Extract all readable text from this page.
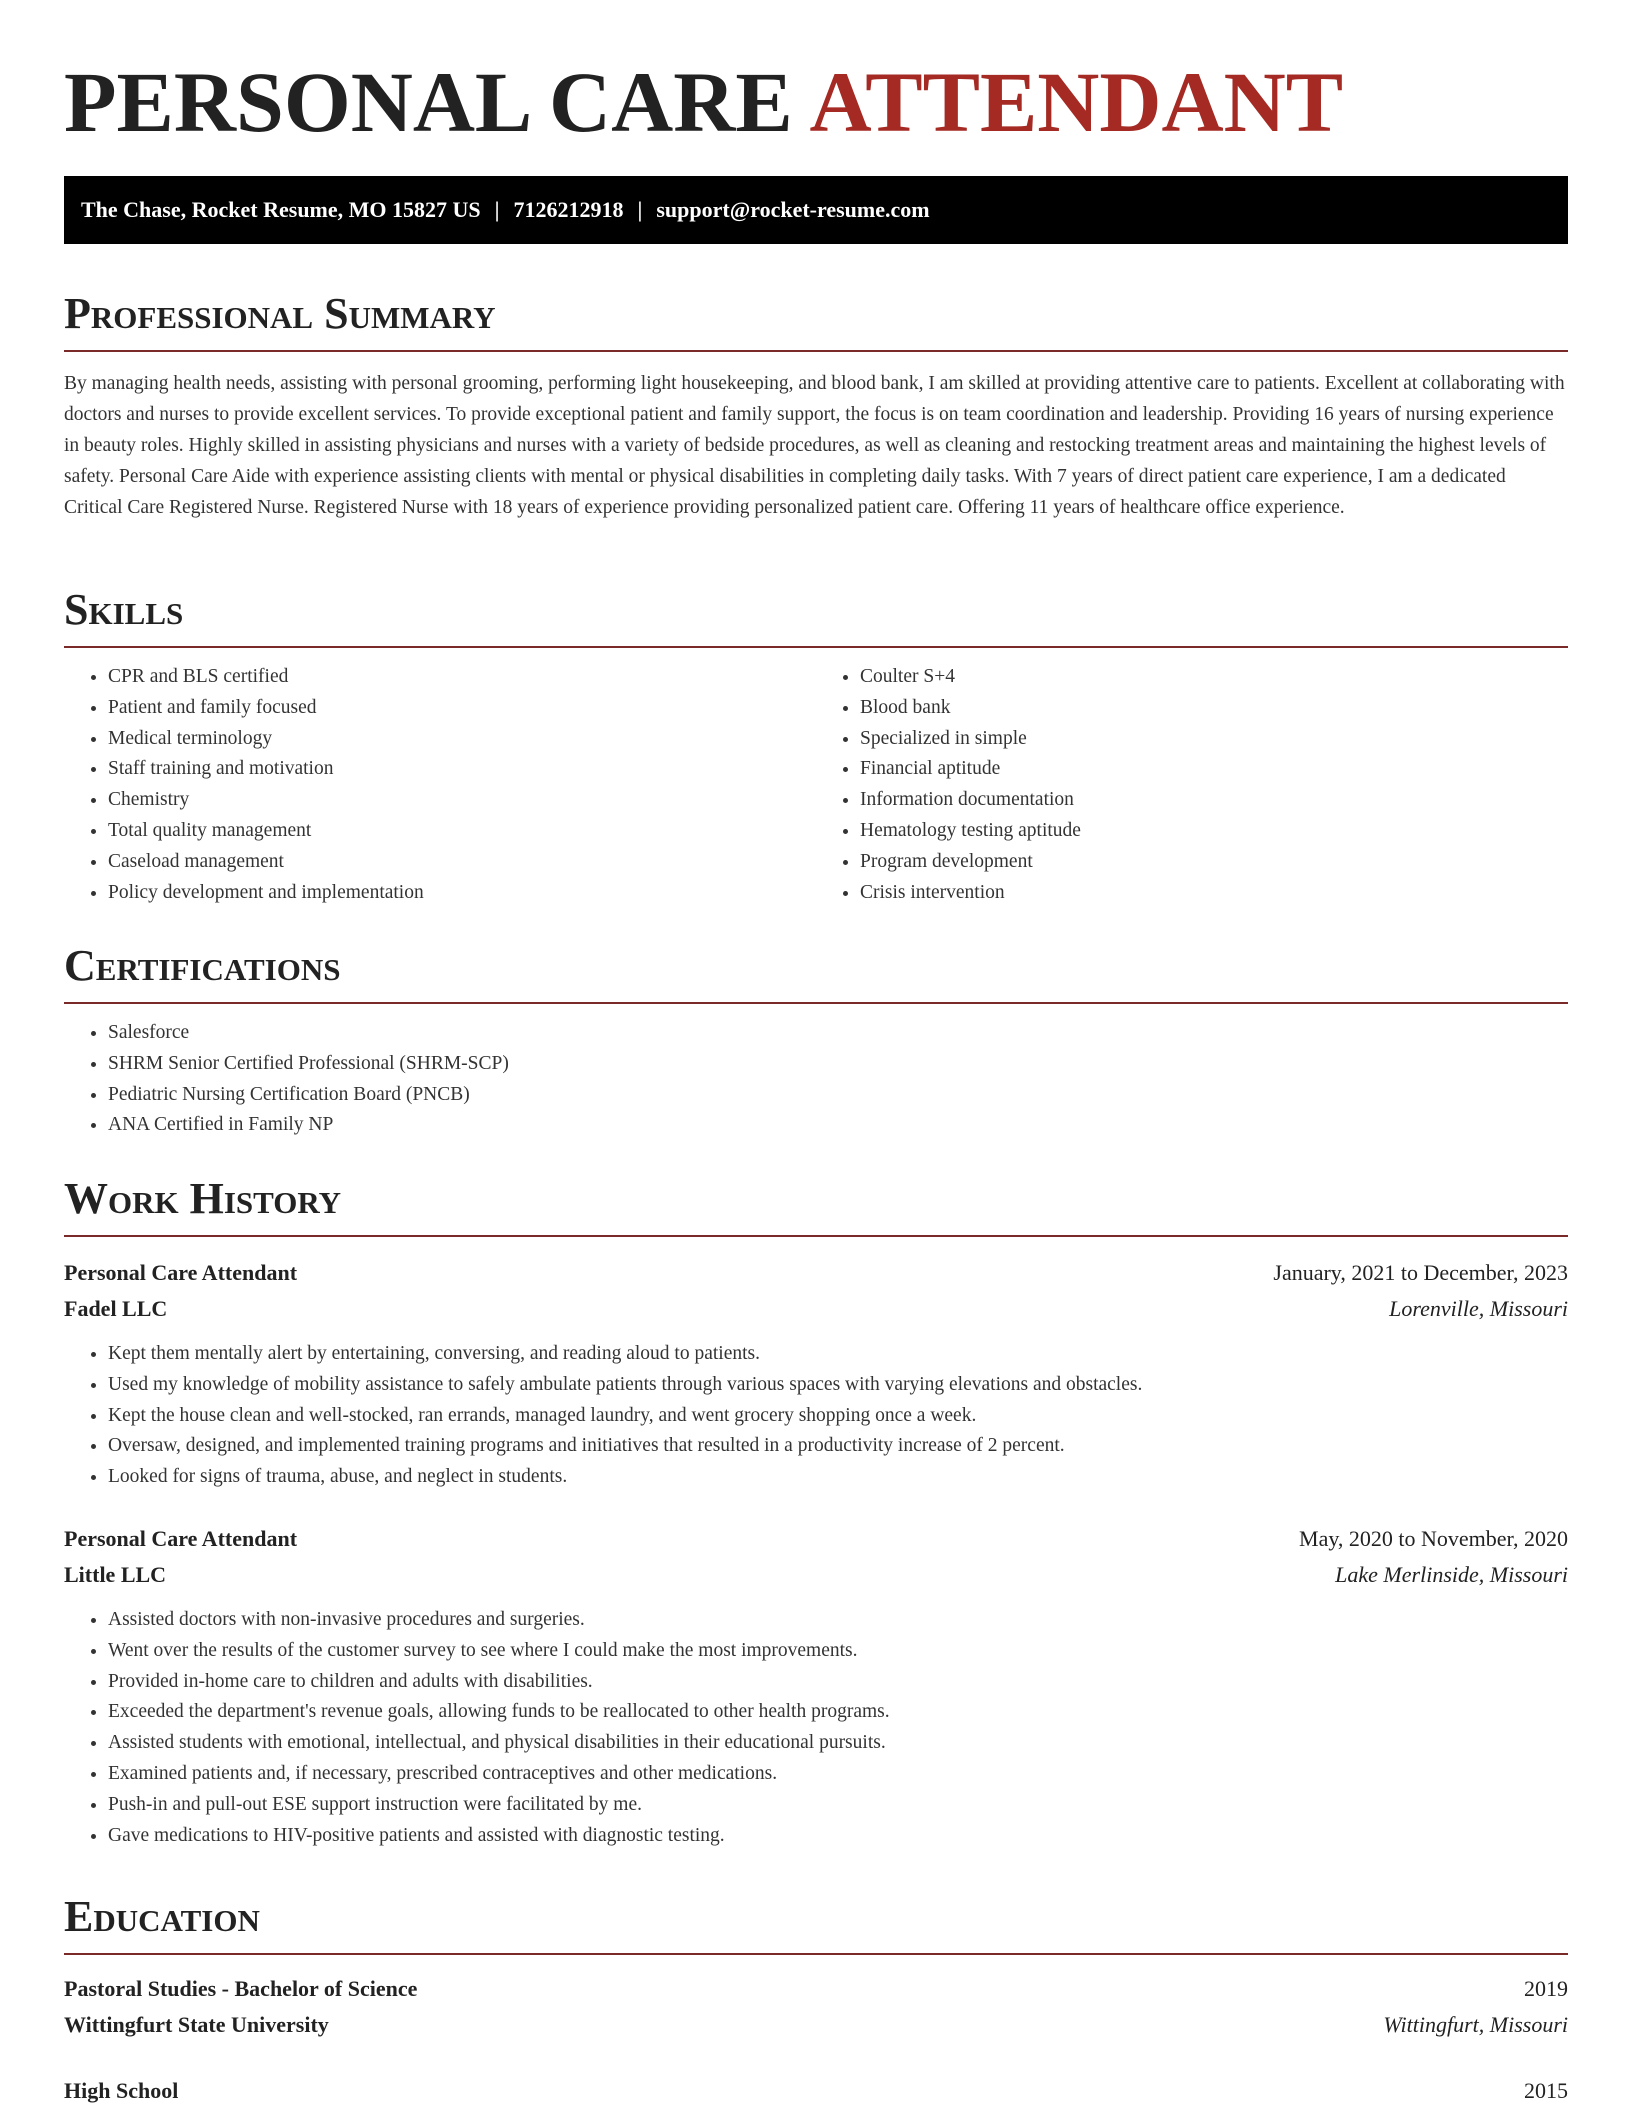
PERSONAL CARE ATTENDANT
The Chase, Rocket Resume, MO 15827 US | 7126212918 | support@rocket-resume.com
Professional Summary

By managing health needs, assisting with personal grooming, performing light housekeeping, and blood bank, I am skilled at providing attentive care to patients. Excellent at collaborating with doctors and nurses to provide excellent services. To provide exceptional patient and family support, the focus is on team coordination and leadership. Providing 16 years of nursing experience in beauty roles. Highly skilled in assisting physicians and nurses with a variety of bedside procedures, as well as cleaning and restocking treatment areas and maintaining the highest levels of safety. Personal Care Aide with experience assisting clients with mental or physical disabilities in completing daily tasks. With 7 years of direct patient care experience, I am a dedicated Critical Care Registered Nurse. Registered Nurse with 18 years of experience providing personalized patient care. Offering 11 years of healthcare office experience.

Skills
• CPR and BLS certified
• Patient and family focused
• Medical terminology
• Staff training and motivation
• Chemistry
• Total quality management
• Caseload management
• Policy development and implementation
• Coulter S+4
• Blood bank
• Specialized in simple
• Financial aptitude
• Information documentation
• Hematology testing aptitude
• Program development
• Crisis intervention
Certifications
• Salesforce
• SHRM Senior Certified Professional (SHRM-SCP)
• Pediatric Nursing Certification Board (PNCB)
• ANA Certified in Family NP
Work History
Personal Care Attendant	January, 2021 to December, 2023
Fadel LLC	Lorenville, Missouri
• Kept them mentally alert by entertaining, conversing, and reading aloud to patients.
• Used my knowledge of mobility assistance to safely ambulate patients through various spaces with varying elevations and obstacles.
• Kept the house clean and well-stocked, ran errands, managed laundry, and went grocery shopping once a week.
• Oversaw, designed, and implemented training programs and initiatives that resulted in a productivity increase of 2 percent.
• Looked for signs of trauma, abuse, and neglect in students.
Personal Care Attendant	May, 2020 to November, 2020
Little LLC	Lake Merlinside, Missouri
• Assisted doctors with non-invasive procedures and surgeries.
• Went over the results of the customer survey to see where I could make the most improvements.
• Provided in-home care to children and adults with disabilities.
• Exceeded the department's revenue goals, allowing funds to be reallocated to other health programs.
• Assisted students with emotional, intellectual, and physical disabilities in their educational pursuits.
• Examined patients and, if necessary, prescribed contraceptives and other medications.
• Push-in and pull-out ESE support instruction were facilitated by me.
• Gave medications to HIV-positive patients and assisted with diagnostic testing.
Education
Pastoral Studies - Bachelor of Science	2019
Wittingfurt State University	Wittingfurt, Missouri
High School	2015
